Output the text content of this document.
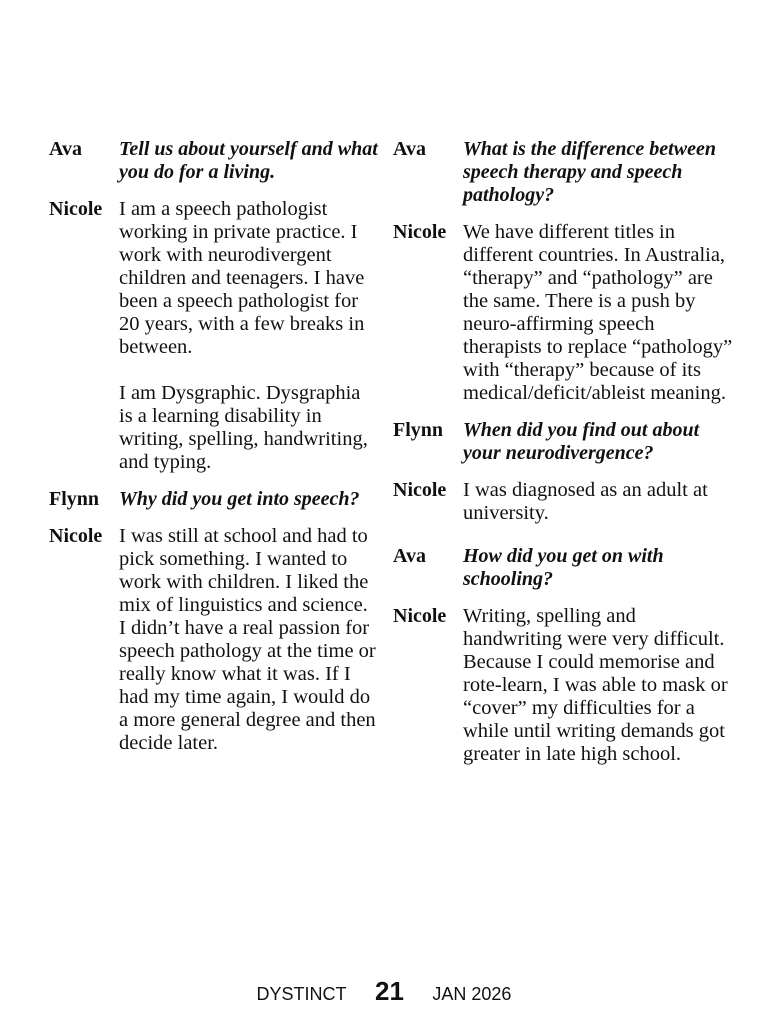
Ava	Tell us about yourself and what you do for a living.

Nicole I am a speech pathologist working in private practice. I work with neurodivergent children and teenagers. I have been a speech pathologist for 20 years, with a few breaks in between.

I am Dysgraphic. Dysgraphia is a learning disability in writing, spelling, handwriting, and typing.

Flynn Why did you get into speech?

Nicole I was still at school and had to pick something. I wanted to work with children. I liked the mix of linguistics and science. I didn’t have a real passion for speech pathology at the time or really know what it was. If I had my time again, I would do a more general degree and then decide later.

Ava	What is the difference between speech therapy and speech pathology?

Nicole We have different titles in different countries. In Australia, “therapy” and “pathology” are the same. There is a push by neuro-affirming speech therapists to replace “pathology” with “therapy” because of its medical/deficit/ableist meaning.

Flynn When did you find out about your neurodivergence?

Nicole I was diagnosed as an adult at university.

Ava	How did you get on with schooling?

Nicole Writing, spelling and handwriting were very difficult. Because I could memorise and rote-learn, I was able to mask or “cover” my difficulties for a while until writing demands got greater in late high school.

DYSTINCT 21 JAN 2026
